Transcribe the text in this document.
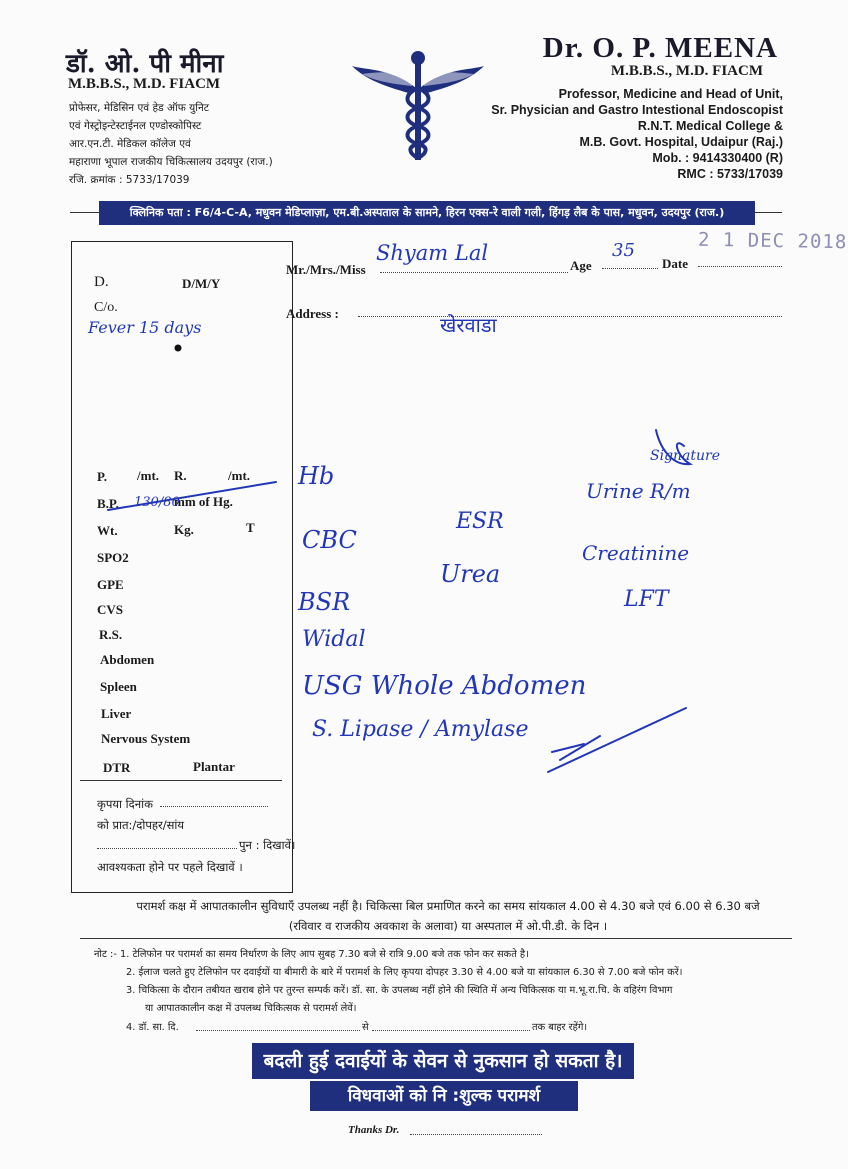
डॉ. ओ. पी मीना
M.B.B.S., M.D. FIACM
प्रोफेसर, मेडिसिन एवं हेड ऑफ युनिट
एवं गेस्ट्रोइन्टेस्टाईनल एण्डोस्कोपिस्ट
आर.एन.टी. मेडिकल कॉलेज एवं
महाराणा भूपाल राजकीय चिकित्सालय उदयपुर (राज.)
रजि. क्रमांक : 5733/17039
Dr. O. P. MEENA
M.B.B.S., M.D. FIACM
Professor, Medicine and Head of Unit,
Sr. Physician and Gastro Intestional Endoscopist
R.N.T. Medical College &
M.B. Govt. Hospital, Udaipur (Raj.)
Mob. : 9414330400 (R)
RMC : 5733/17039
क्लिनिक पता : F6/4-C-A, मधुवन मेडिप्लाज़ा, एम.बी.अस्पताल के सामने, हिरन एक्स-रे वाली गली, हिंगड़ लैब के पास, मधुवन, उदयपुर (राज.)
Mr./Mrs./Miss	Age	Date
2 1 DEC 2018
Address :
D.	D/M/Y
C/o.
P. /mt. R.	/mt.
B.P.	mm of Hg.
Wt.	Kg.	T
SPO2
GPE
CVS
R.S.
Abdomen
Spleen
Liver
Nervous System
DTR	Plantar
कृपया दिनांक
को प्रात:/दोपहर/सांय
पुन : दिखावें।
आवश्यकता होने पर पहले दिखावें ।
Shyam Lal	35
खेरवाडा
Fever 15 days
130/80
Hb
CBC
Urea
BSR
ESR
Creatinine
LFT
Urine R/m
Widal
USG Whole Abdomen
S. Lipase / Amylase
Signature
परामर्श कक्ष में आपातकालीन सुविधाएँ उपलब्ध नहीं है। चिकित्सा बिल प्रमाणित करने का समय सांयकाल 4.00 से 4.30 बजे एवं 6.00 से 6.30 बजे
(रविवार व राजकीय अवकाश के अलावा) या अस्पताल में ओ.पी.डी. के दिन ।
नोट :- 1. टेलिफोन पर परामर्श का समय निर्धारण के लिए आप सुबह 7.30 बजे से रात्रि 9.00 बजे तक फोन कर सकते है।
2. ईलाज चलते हुए टेलिफोन पर दवाईयों या बीमारी के बारे में परामर्श के लिए कृपया दोपहर 3.30 से 4.00 बजे या सांयकाल 6.30 से 7.00 बजे फोन करें।
3. चिकित्सा के दौरान तबीयत खराब होने पर तुरन्त सम्पर्क करें। डॉ. सा. के उपलब्ध नहीं होने की स्थिति में अन्य चिकित्सक या म.भू.रा.चि. के वहिरंग विभाग
या आपातकालीन कक्ष में उपलब्ध चिकित्सक से परामर्श लेवें।
4. डॉ. सा. दि.	से	तक बाहर रहेंगे।
बदली हुई दवाईयों के सेवन से नुकसान हो सकता है।
विधवाओं को नि :शुल्क परामर्श
Thanks Dr.
